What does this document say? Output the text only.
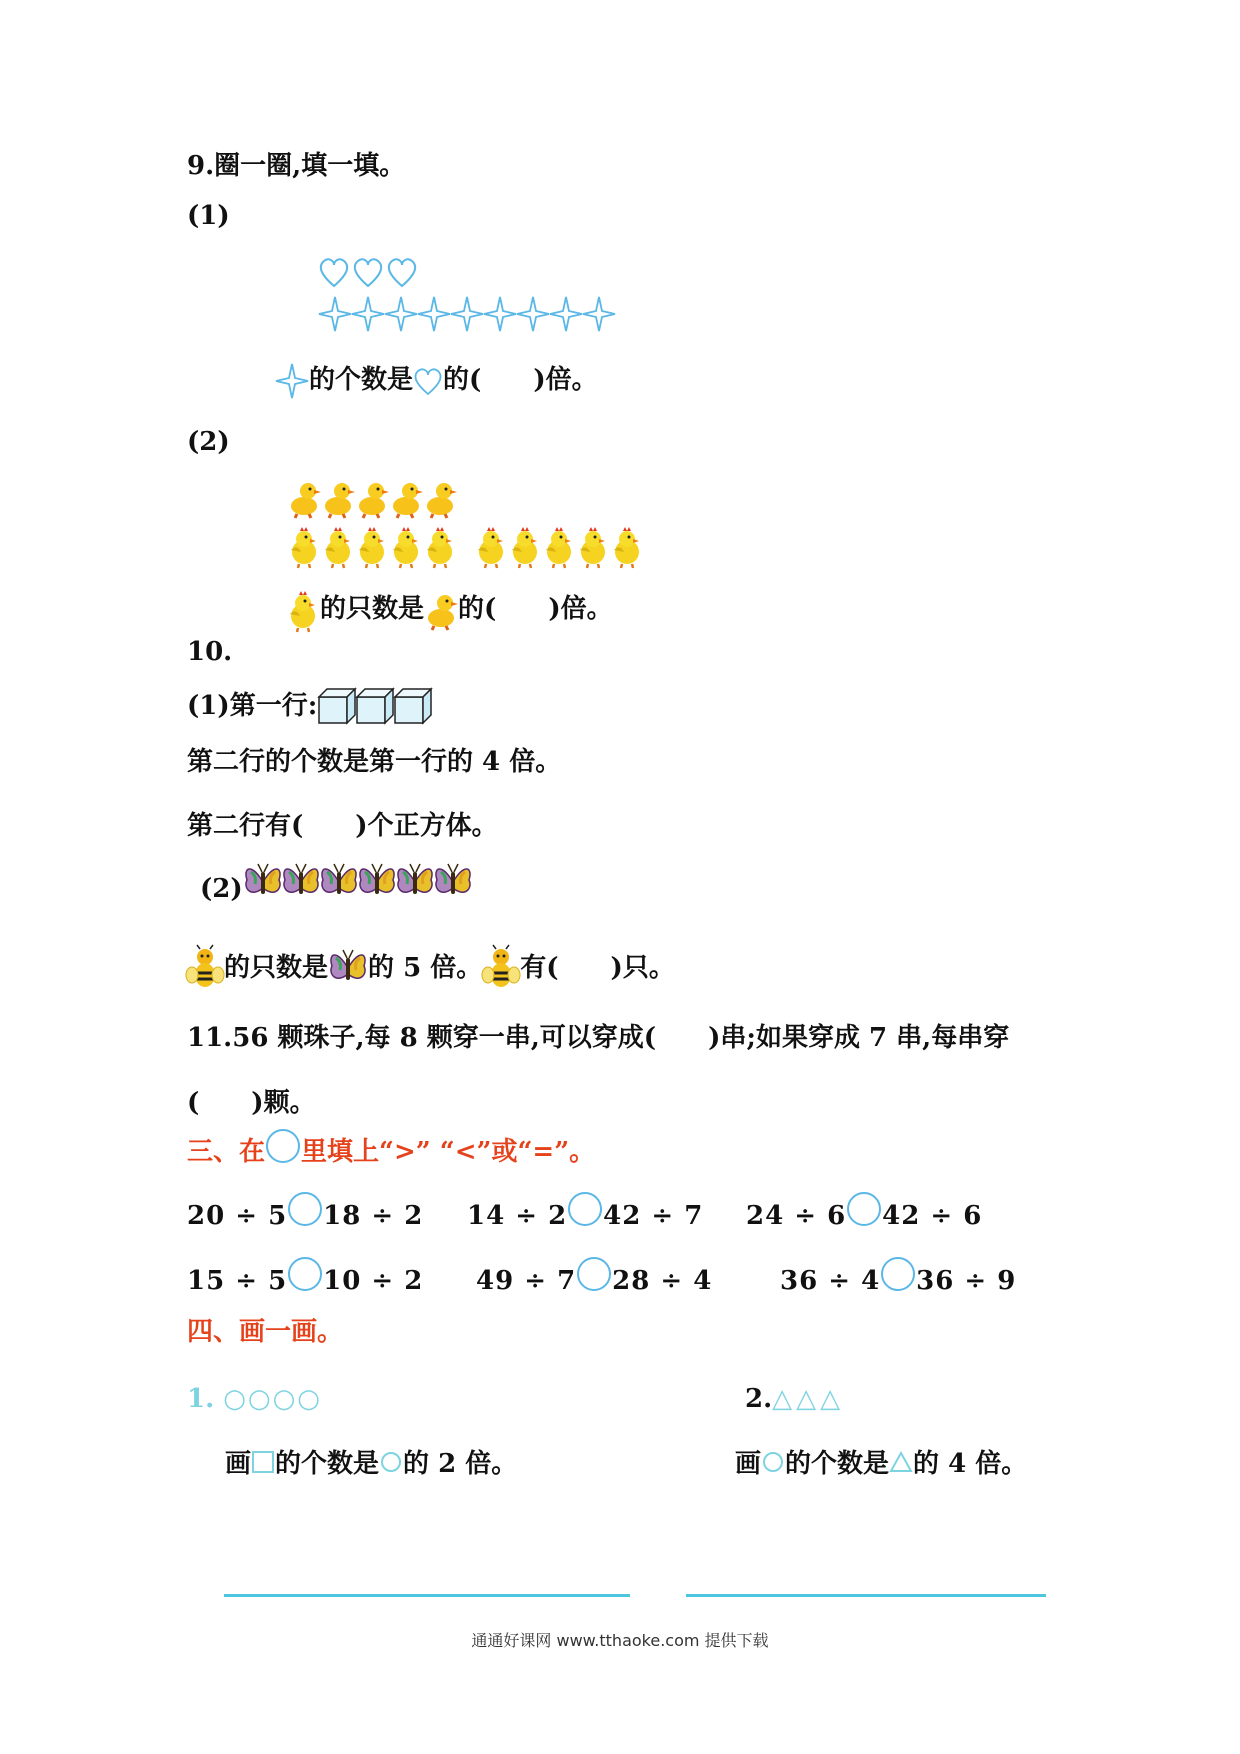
9.圈一圈,填一填。
(1)
的个数是 的(　　)倍。
(2)
的只数是 的(　　)倍。
10.
(1)第一行:
第二行的个数是第一行的 4 倍。
第二行有(　　)个正方体。
(2)
的只数是 的 5 倍。 有(　　)只。
11.56 颗珠子,每 8 颗穿一串,可以穿成(　　)串;如果穿成 7 串,每串穿
(　　)颗。
三、在 里填上“>” “<”或“=”。
20 ÷ 5 18 ÷ 2 14 ÷ 2 42 ÷ 7 24 ÷ 6 42 ÷ 6
15 ÷ 5 10 ÷ 2 49 ÷ 7 28 ÷ 4	36 ÷ 4 36 ÷ 9
四、画一画。
1. ○○○○	2.△△△
画 的个数是 的 2 倍。	画 的个数是 的 4 倍。
通通好课网 www.tthaoke.com 提供下载
